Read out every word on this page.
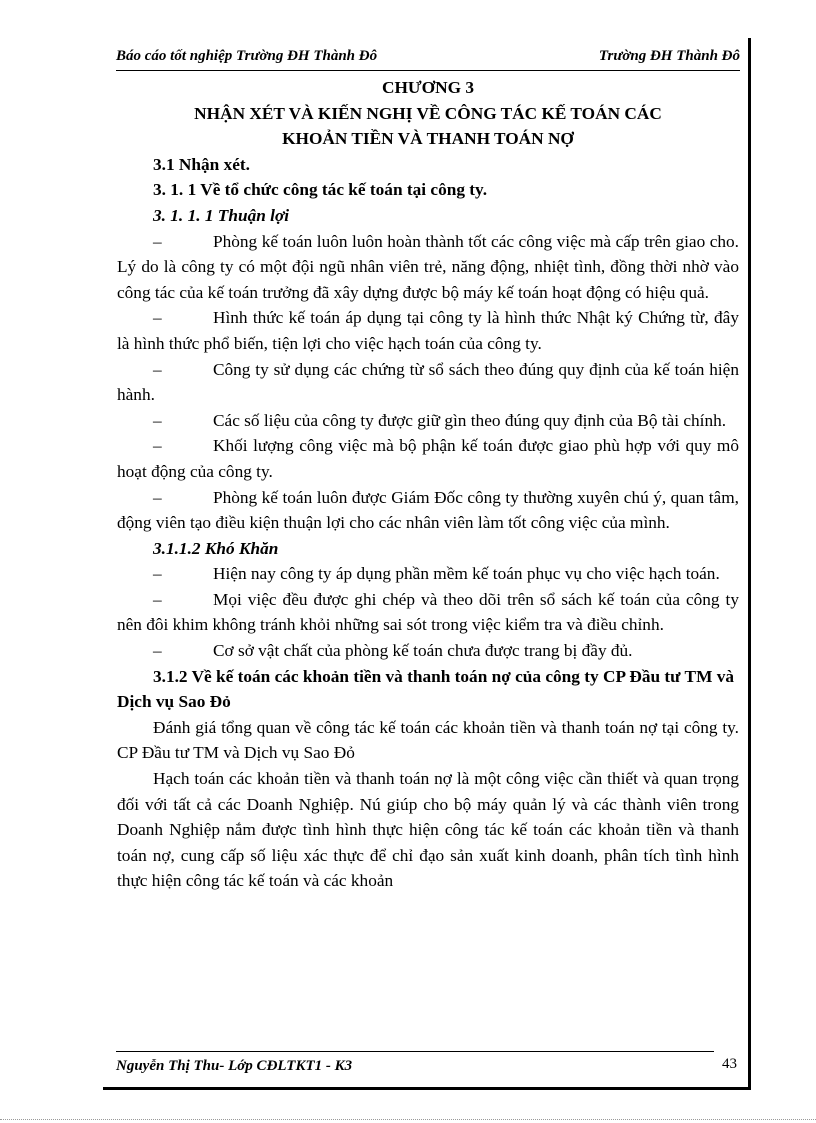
Báo cáo tốt nghiệp Trường ĐH Thành Đô	Trường ĐH Thành Đô

CHƯƠNG 3

NHẬN XÉT VÀ KIẾN NGHỊ VỀ CÔNG TÁC KẾ TOÁN CÁC

KHOẢN TIỀN VÀ THANH TOÁN NỢ

3.1 Nhận xét.

3. 1. 1 Về tổ chức công tác kế toán tại công ty.

3. 1. 1. 1 Thuận lợi

–	Phòng kế toán luôn luôn hoàn thành tốt các công việc mà cấp trên giao cho. Lý do là công ty có một đội ngũ nhân viên trẻ, năng động, nhiệt tình, đồng thời nhờ vào công tác của kế toán trưởng đã xây dựng được bộ máy kế toán hoạt động có hiệu quả.

–	Hình thức kế toán áp dụng tại công ty là hình thức Nhật ký Chứng từ, đây là hình thức phổ biến, tiện lợi cho việc hạch toán của công ty.

–	Công ty sử dụng các chứng từ sổ sách theo đúng quy định của kế toán hiện hành.

–	Các số liệu của công ty được giữ gìn theo đúng quy định của Bộ tài chính.

–	Khối lượng công việc mà bộ phận kế toán được giao phù hợp với quy mô hoạt động của công ty.

–	Phòng kế toán luôn được Giám Đốc công ty thường xuyên chú ý, quan tâm, động viên tạo điều kiện thuận lợi cho các nhân viên làm tốt công việc của mình.

3.1.1.2 Khó Khăn

–	Hiện nay công ty áp dụng phần mềm kế toán phục vụ cho việc hạch toán.

–	Mọi việc đều được ghi chép và theo dõi trên sổ sách kế toán của công ty nên đôi khim không tránh khỏi những sai sót trong việc kiểm tra và điều chỉnh.

–	Cơ sở vật chất của phòng kế toán chưa được trang bị đầy đủ.

3.1.2 Về kế toán các khoản tiền và thanh toán nợ của công ty CP Đầu tư TM và Dịch vụ Sao Đỏ

Đánh giá tổng quan về công tác kế toán các khoản tiền và thanh toán nợ tại công ty. CP Đầu tư TM và Dịch vụ Sao Đỏ

Hạch toán các khoản tiền và thanh toán nợ là một công việc cần thiết và quan trọng đối với tất cả các Doanh Nghiệp. Nú giúp cho bộ máy quản lý và các thành viên trong Doanh Nghiệp nắm được tình hình thực hiện công tác kế toán các khoản tiền và thanh toán nợ, cung cấp số liệu xác thực để chỉ đạo sản xuất kinh doanh, phân tích tình hình thực hiện công tác kế toán và các khoản

Nguyễn Thị Thu- Lớp CĐLTKT1 - K3	43
